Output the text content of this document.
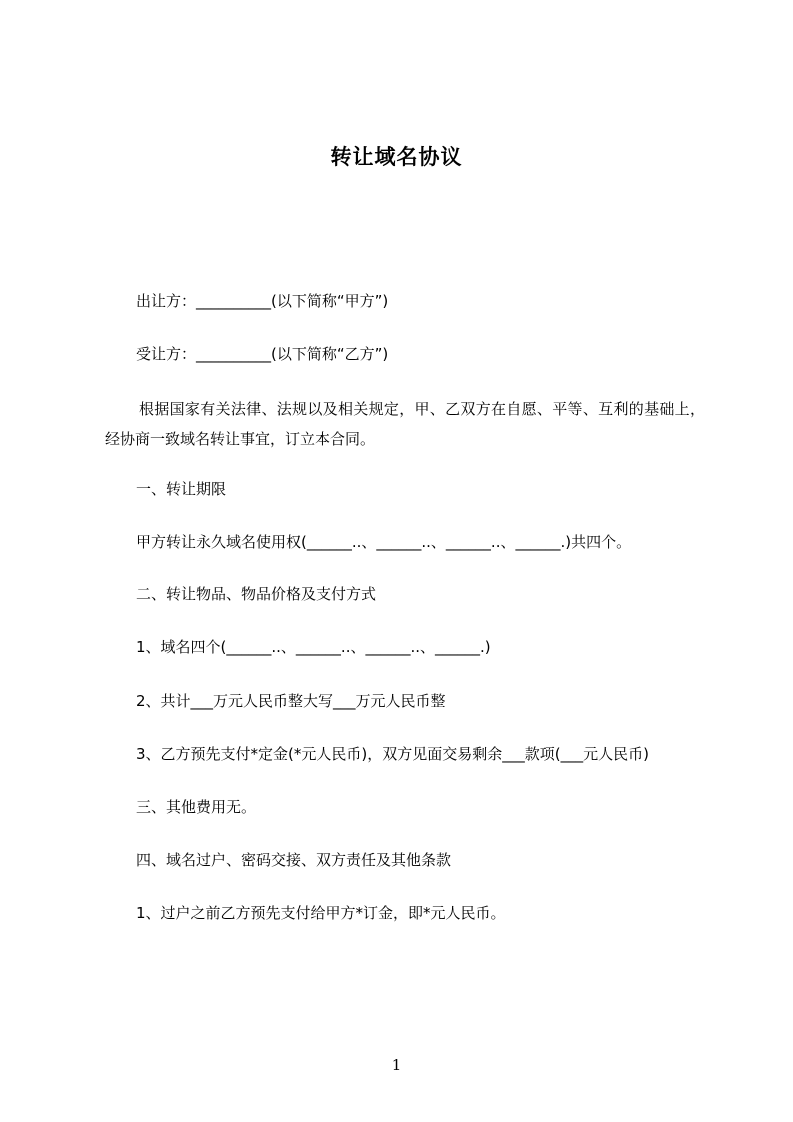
转让域名协议
出让方：__________(以下简称“甲方”)
受让方：__________(以下简称“乙方”)
根据国家有关法律、法规以及相关规定，甲、乙双方在自愿、平等、互利的基础上，经协商一致域名转让事宜，订立本合同。
一、转让期限
甲方转让永久域名使用权(______..、______..、______..、______.)共四个。
二、转让物品、物品价格及支付方式
1、域名四个(______..、______..、______..、______.)
2、共计___万元人民币整大写___万元人民币整
3、乙方预先支付*定金(*元人民币)，双方见面交易剩余___款项(___元人民币)
三、其他费用无。
四、域名过户、密码交接、双方责任及其他条款
1、过户之前乙方预先支付给甲方*订金，即*元人民币。
1
